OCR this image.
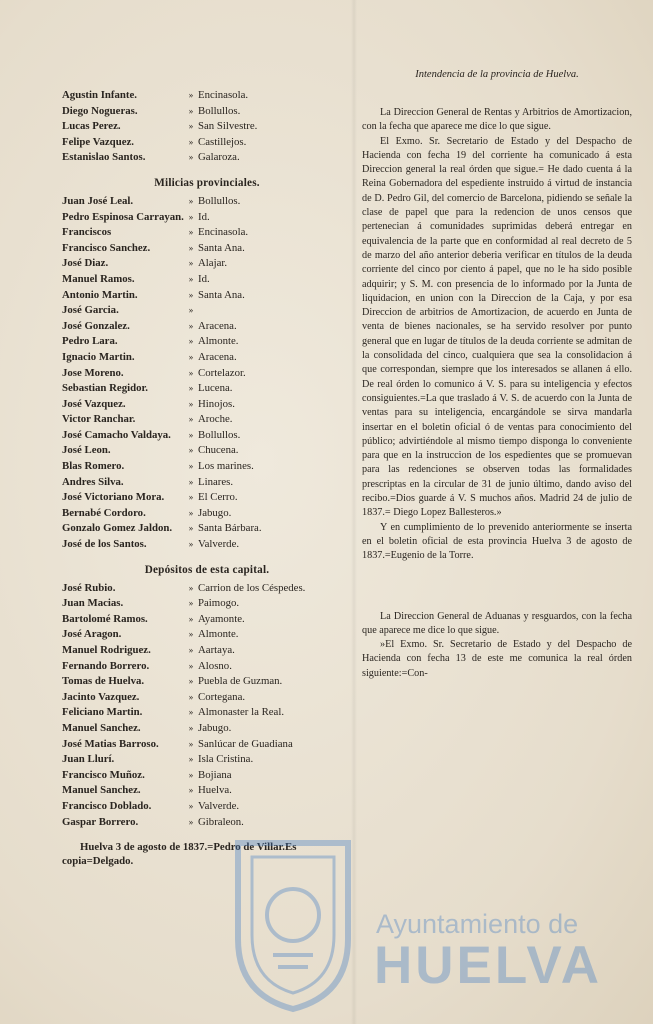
Agustin Infante.	» Encinasola.
Diego Nogueras.	» Bollullos.
Lucas Perez.	» San Silvestre.
Felipe Vazquez.	» Castillejos.
Estanislao Santos.	» Galaroza.
Milicias provinciales.
Juan José Leal.	» Bollullos.
Pedro Espinosa Carrayan. » Id.
Franciscos	» Encinasola.
Francisco Sanchez.	» Santa Ana.
José Diaz.	» Alajar.
Manuel Ramos.	» Id.
Antonio Martin.	» Santa Ana.
José Garcia.	»
José Gonzalez.	» Aracena.
Pedro Lara.	» Almonte.
Ignacio Martin.	» Aracena.
Jose Moreno.	» Cortelazor.
Sebastian Regidor.	» Lucena.
José Vazquez.	» Hinojos.
Victor Ranchar.	» Aroche.
José Camacho Valdaya.	» Bollullos.
José Leon.	» Chucena.
Blas Romero.	» Los marines.
Andres Silva.	» Linares.
José Victoriano Mora.	» El Cerro.
Bernabé Cordoro.	» Jabugo.
Gonzalo Gomez Jaldon.	» Santa Bárbara.
José de los Santos.	» Valverde.
Depósitos de esta capital.
José Rubio.	» Carrion de los Céspedes.
Juan Macias.	» Paimogo.
Bartolomé Ramos.	» Ayamonte.
José Aragon.	» Almonte.
Manuel Rodriguez.	» Aartaya.
Fernando Borrero.	» Alosno.
Tomas de Huelva.	» Puebla de Guzman.
Jacinto Vazquez.	» Cortegana.
Feliciano Martin.	» Almonaster la Real.
Manuel Sanchez.	» Jabugo.
José Matias Barroso.	» Sanlúcar de Guadiana
Juan Llurí.	» Isla Cristina.
Francisco Muñoz.	» Bojiana
Manuel Sanchez.	» Huelva.
Francisco Doblado.	» Valverde.
Gaspar Borrero.	» Gibraleon.
Huelva 3 de agosto de 1837.=Pedro de Villar.Es copia=Delgado.
Intendencia de la provincia de Huelva.

La Direccion General de Rentas y Arbitrios de Amortizacion, con la fecha que aparece me dice lo que sigue.

El Exmo. Sr. Secretario de Estado y del Despacho de Hacienda con fecha 19 del corriente ha comunicado á esta Direccion general la real órden que sigue.= He dado cuenta á la Reina Gobernadora del espediente instruido á virtud de instancia de D. Pedro Gil, del comercio de Barcelona, pidiendo se señale la clase de papel que para la redencion de unos censos que pertenecian á comunidades suprimidas deberá entregar en equivalencia de la parte que en conformidad al real decreto de 5 de marzo del año anterior deberia verificar en títulos de la deuda corriente del cinco por ciento á papel, que no le ha sido posible adquirir; y S. M. con presencia de lo informado por la Junta de liquidacion, en union con la Direccion de la Caja, y por esa Direccion de arbitrios de Amortizacion, de acuerdo en Junta de venta de bienes nacionales, se ha servido resolver por punto general que en lugar de títulos de la deuda corriente se admitan de la consolidada del cinco, cualquiera que sea la consolidacion á que correspondan, siempre que los interesados se allanen á ello. De real órden lo comunico á V. S. para su inteligencia y efectos consiguientes.=La que traslado á V. S. de acuerdo con la Junta de ventas para su inteligencia, encargándole se sirva mandarla insertar en el boletin oficial ó de ventas para conocimiento del público; advirtiéndole al mismo tiempo disponga lo conveniente para que en la instruccion de los espedientes que se promuevan para las redenciones se observen todas las formalidades prescriptas en la circular de 31 de junio último, dando aviso del recibo.=Dios guarde á V. S muchos años. Madrid 24 de julio de 1837.= Diego Lopez Ballesteros.»

Y en cumplimiento de lo prevenido anteriormente se inserta en el boletin oficial de esta provincia Huelva 3 de agosto de 1837.=Eugenio de la Torre.

La Direccion General de Aduanas y resguardos, con la fecha que aparece me dice lo que sigue.

»El Exmo. Sr. Secretario de Estado y del Despacho de Hacienda con fecha 13 de este me comunica la real órden siguiente:=Con-

Ayuntamiento de
HUELVA
